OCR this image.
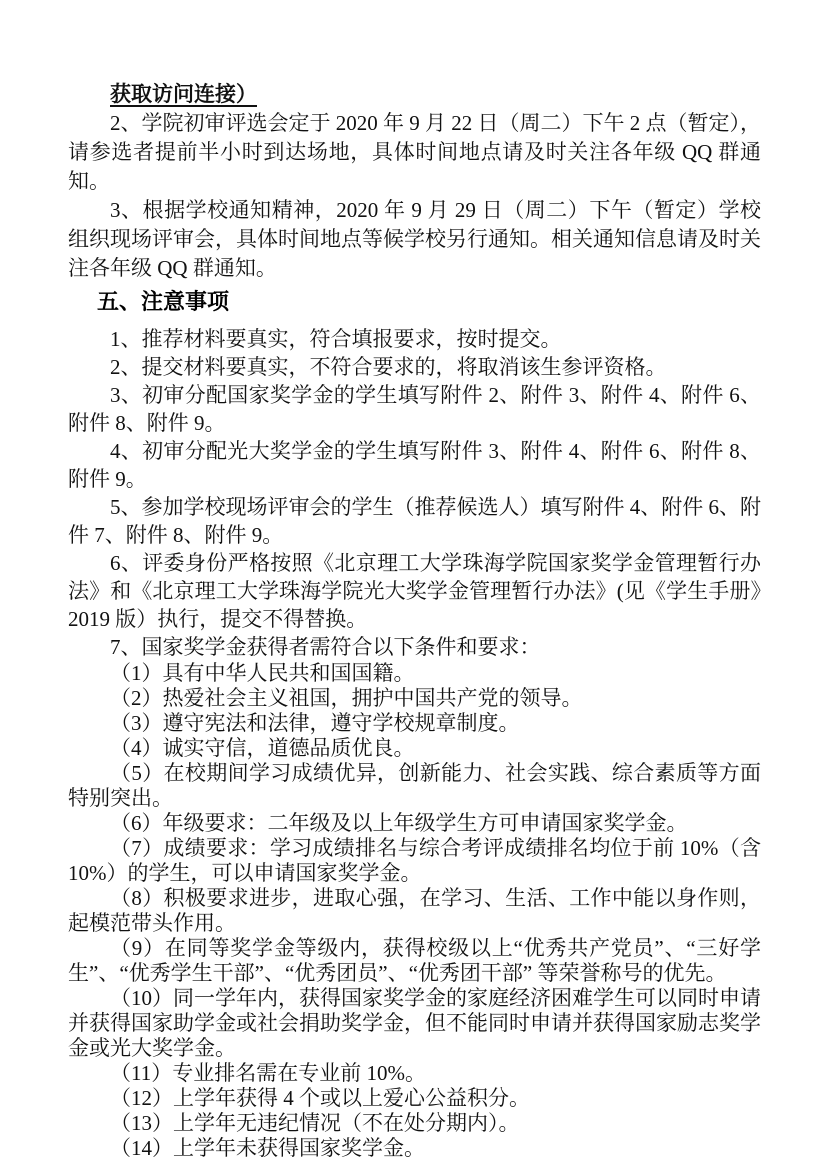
获取访问连接）

2、学院初审评选会定于 2020 年 9 月 22 日（周二）下午 2 点（暂定），请参选者提前半小时到达场地，具体时间地点请及时关注各年级 QQ 群通知。

3、根据学校通知精神，2020 年 9 月 29 日（周二）下午（暂定）学校组织现场评审会，具体时间地点等候学校另行通知。相关通知信息请及时关注各年级 QQ 群通知。

五、注意事项

1、推荐材料要真实，符合填报要求，按时提交。

2、提交材料要真实，不符合要求的，将取消该生参评资格。

3、初审分配国家奖学金的学生填写附件 2、附件 3、附件 4、附件 6、附件 8、附件 9。

4、初审分配光大奖学金的学生填写附件 3、附件 4、附件 6、附件 8、附件 9。

5、参加学校现场评审会的学生（推荐候选人）填写附件 4、附件 6、附件 7、附件 8、附件 9。

6、评委身份严格按照《北京理工大学珠海学院国家奖学金管理暂行办法》和《北京理工大学珠海学院光大奖学金管理暂行办法》(见《学生手册》2019 版）执行，提交不得替换。

7、国家奖学金获得者需符合以下条件和要求：

（1）具有中华人民共和国国籍。

（2）热爱社会主义祖国，拥护中国共产党的领导。

（3）遵守宪法和法律，遵守学校规章制度。

（4）诚实守信，道德品质优良。

（5）在校期间学习成绩优异，创新能力、社会实践、综合素质等方面特别突出。

（6）年级要求：二年级及以上年级学生方可申请国家奖学金。

（7）成绩要求：学习成绩排名与综合考评成绩排名均位于前 10%（含 10%）的学生，可以申请国家奖学金。

（8）积极要求进步，进取心强，在学习、生活、工作中能以身作则，起模范带头作用。

（9）在同等奖学金等级内，获得校级以上“优秀共产党员”、“三好学生”、“优秀学生干部”、“优秀团员”、“优秀团干部” 等荣誉称号的优先。

（10）同一学年内，获得国家奖学金的家庭经济困难学生可以同时申请并获得国家助学金或社会捐助奖学金，但不能同时申请并获得国家励志奖学金或光大奖学金。

（11）专业排名需在专业前 10%。

（12）上学年获得 4 个或以上爱心公益积分。

（13）上学年无违纪情况（不在处分期内）。

（14）上学年未获得国家奖学金。
